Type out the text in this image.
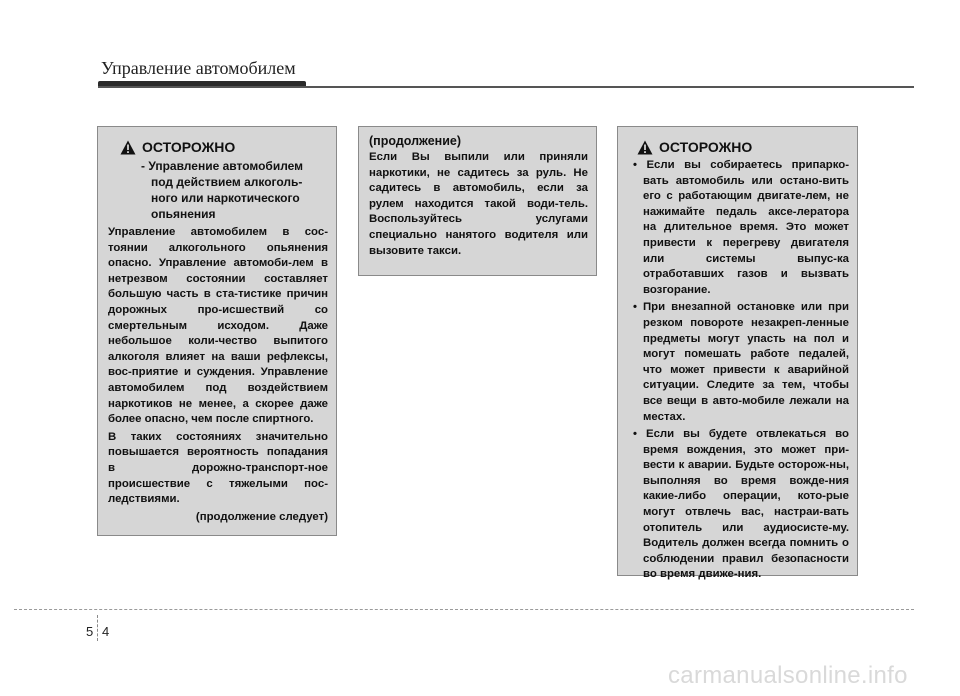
Управление автомобилем
ОСТОРОЖНО
- Управление автомобилем под действием алкоголь-ного или наркотического опьянения
Управление автомобилем в сос-тоянии алкогольного опьянения опасно. Управление автомоби-лем в нетрезвом состоянии составляет большую часть в ста-тистике причин дорожных про-исшествий со смертельным исходом. Даже небольшое коли-чество выпитого алкоголя влияет на ваши рефлексы, вос-приятие и суждения. Управление автомобилем под воздействием наркотиков не менее, а скорее даже более опасно, чем после спиртного.
В таких состояниях значительно повышается вероятность попадания в дорожно-транспорт-ное происшествие с тяжелыми пос-ледствиями.
(продолжение следует)
(продолжение)
Если Вы выпили или приняли наркотики, не садитесь за руль. Не садитесь в автомобиль, если за рулем находится такой води-тель. Воспользуйтесь услугами специально нанятого водителя или вызовите такси.
ОСТОРОЖНО
• Если вы собираетесь припарко-вать автомобиль или остано-вить его с работающим двигате-лем, не нажимайте педаль аксе-лератора на длительное время. Это может привести к перегреву двигателя или системы выпус-ка отработавших газов и вызвать возгорание.
• При внезапной остановке или при резком повороте незакреп-ленные предметы могут упасть на пол и могут помешать работе педалей, что может привести к аварийной ситуации. Следите за тем, чтобы все вещи в авто-мобиле лежали на местах.
• Если вы будете отвлекаться во время вождения, это может при-вести к аварии. Будьте осторож-ны, выполняя во время вожде-ния какие-либо операции, кото-рые могут отвлечь вас, настраи-вать отопитель или аудиосисте-му. Водитель должен всегда помнить о соблюдении правил безопасности во время движе-ния.
5 4
carmanualsonline.info
